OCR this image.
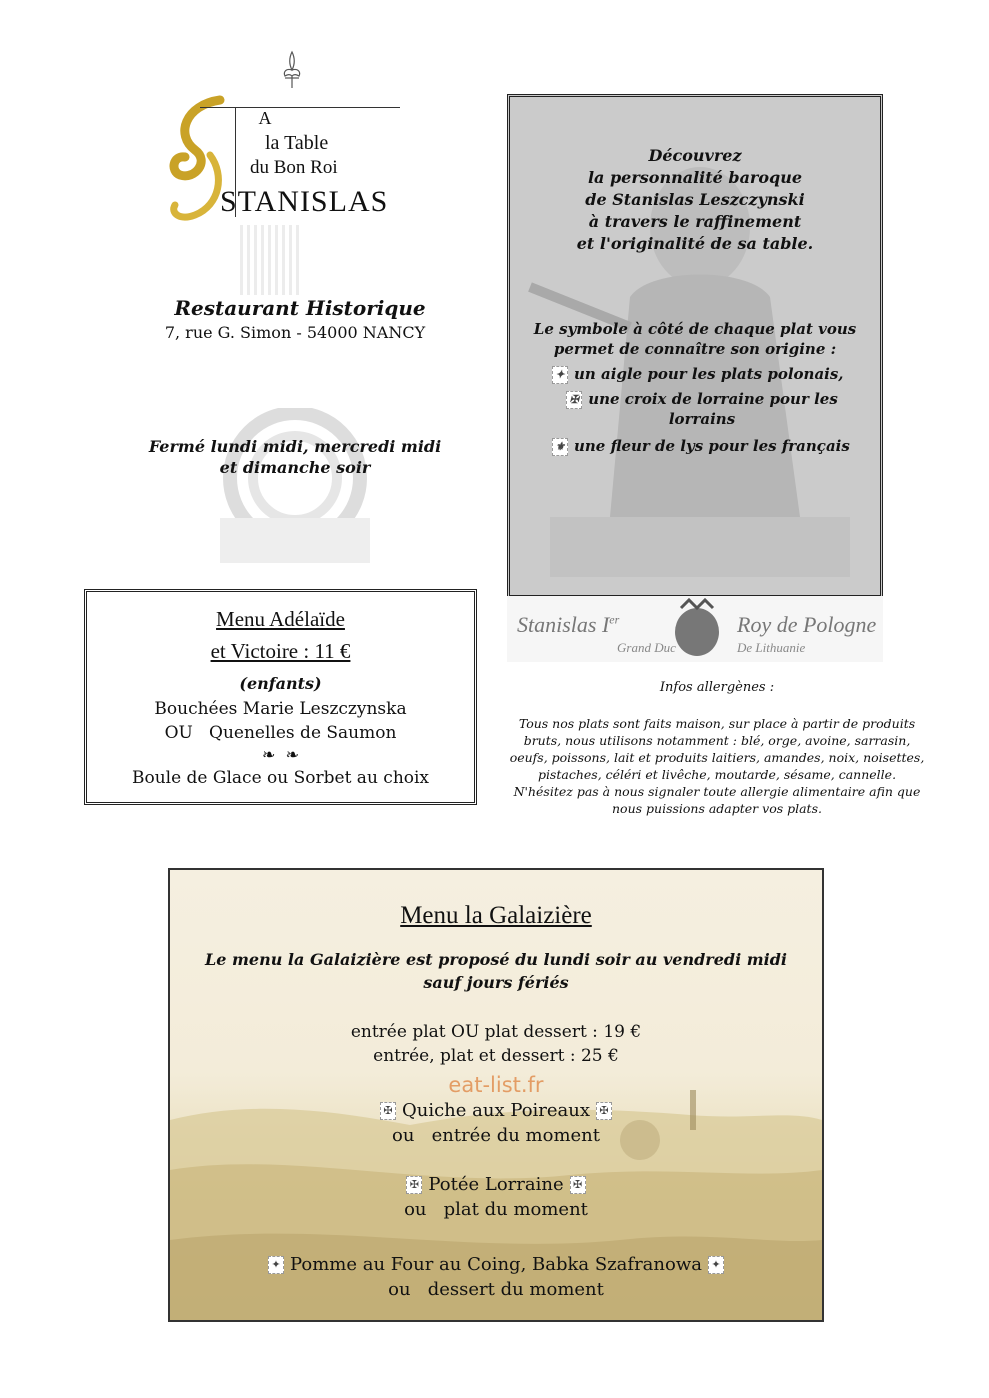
A
la Table
du Bon Roi
STANISLAS
Restaurant Historique
7, rue G. Simon - 54000 NANCY
Fermé lundi midi, mercredi midi
et dimanche soir
Découvrez
la personnalité baroque
de Stanislas Leszczynski
à travers le raffinement
et l'originalité de sa table.
Le symbole à côté de chaque plat vous
permet de connaître son origine :
✦ un aigle pour les plats polonais,
✠ une croix de lorraine pour les lorrains
⚜ une fleur de lys pour les français
Stanislas Ier
Grand Duc
Roy de Pologne
De Lithuanie
Menu Adélaïde
et Victoire : 11 €
(enfants)
Bouchées Marie Leszczynska
OU   Quenelles de Saumon
❧  ❧
Boule de Glace ou Sorbet au choix
Infos allergènes :
Tous nos plats sont faits maison, sur place à partir de produits
bruts, nous utilisons notamment : blé, orge, avoine, sarrasin,
oeufs, poissons, lait et produits laitiers, amandes, noix, noisettes,
pistaches, céléri et livêche, moutarde, sésame, cannelle.
N'hésitez pas à nous signaler toute allergie alimentaire afin que
nous puissions adapter vos plats.
Menu la Galaizière
Le menu la Galaizière est proposé du lundi soir au vendredi midi
sauf jours fériés
entrée plat OU plat dessert : 19 €
entrée, plat et dessert : 25 €
eat-list.fr
✠ Quiche aux Poireaux ✠
ou   entrée du moment
✠ Potée Lorraine ✠
ou   plat du moment
✦ Pomme au Four au Coing, Babka Szafranowa ✦
ou   dessert du moment
